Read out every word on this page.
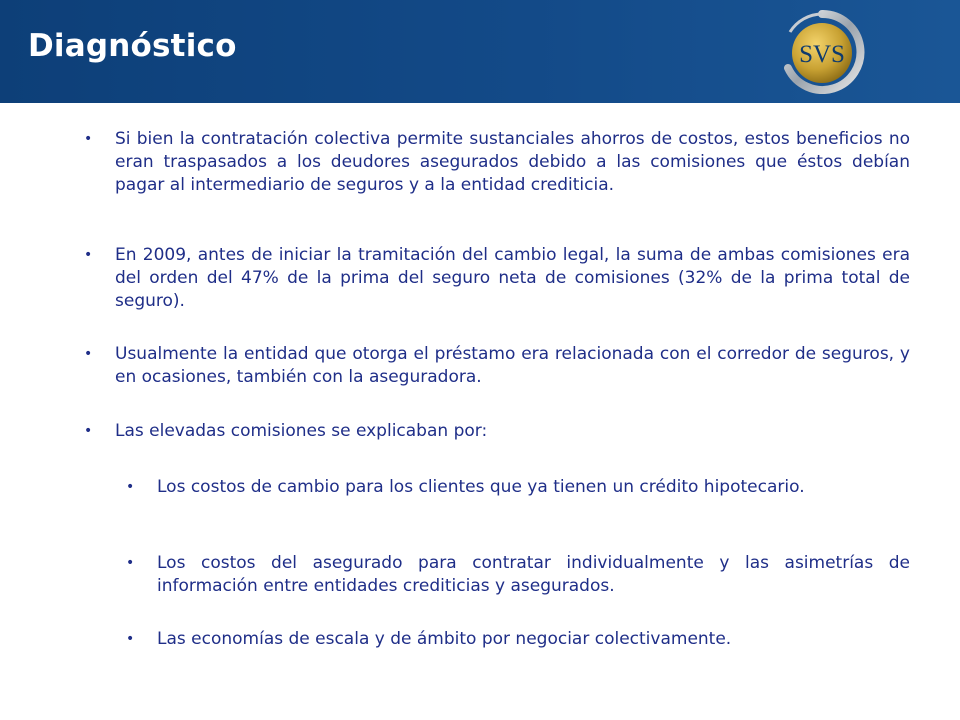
Diagnóstico	SVS
•	Si bien la contratación colectiva permite sustanciales ahorros de costos, estos beneficios no eran traspasados a los deudores asegurados debido a las comisiones que éstos debían pagar al intermediario de seguros y a la entidad crediticia.

•	En 2009, antes de iniciar la tramitación del cambio legal, la suma de ambas comisiones era del orden del 47% de la prima del seguro neta de comisiones (32% de la prima total de seguro).

•	Usualmente la entidad que otorga el préstamo era relacionada con el corredor de seguros, y en ocasiones, también con la aseguradora.

•	Las elevadas comisiones se explicaban por:

•	Los costos de cambio para los clientes que ya tienen un crédito hipotecario.

•	Los costos del asegurado para contratar individualmente y las asimetrías de información entre entidades crediticias y asegurados.

•	Las economías de escala y de ámbito por negociar colectivamente.
